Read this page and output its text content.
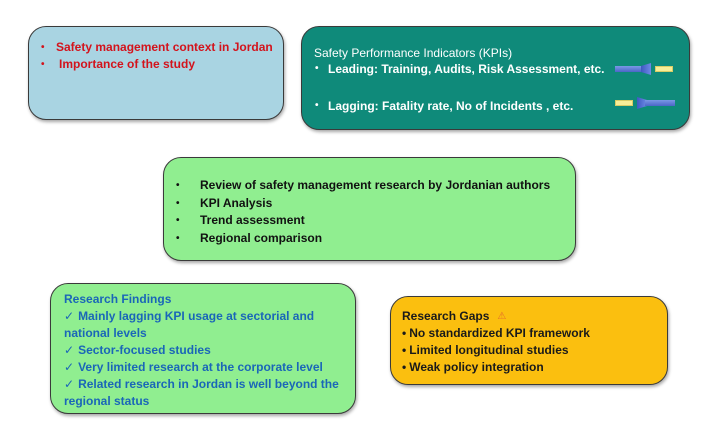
• Safety management context in Jordan
• Importance of the study
Safety Performance Indicators (KPIs)
• Leading: Training, Audits, Risk Assessment, etc.
• Lagging: Fatality rate, No of Incidents , etc.
• Review of safety management research by Jordanian authors
• KPI Analysis
• Trend assessment
• Regional comparison
Research Findings
✓ Mainly lagging KPI usage at sectorial and national levels
✓ Sector-focused studies
✓ Very limited research at the corporate level
✓ Related research in Jordan is well beyond the regional status
Research Gaps ⚠
• No standardized KPI framework
• Limited longitudinal studies
• Weak policy integration
